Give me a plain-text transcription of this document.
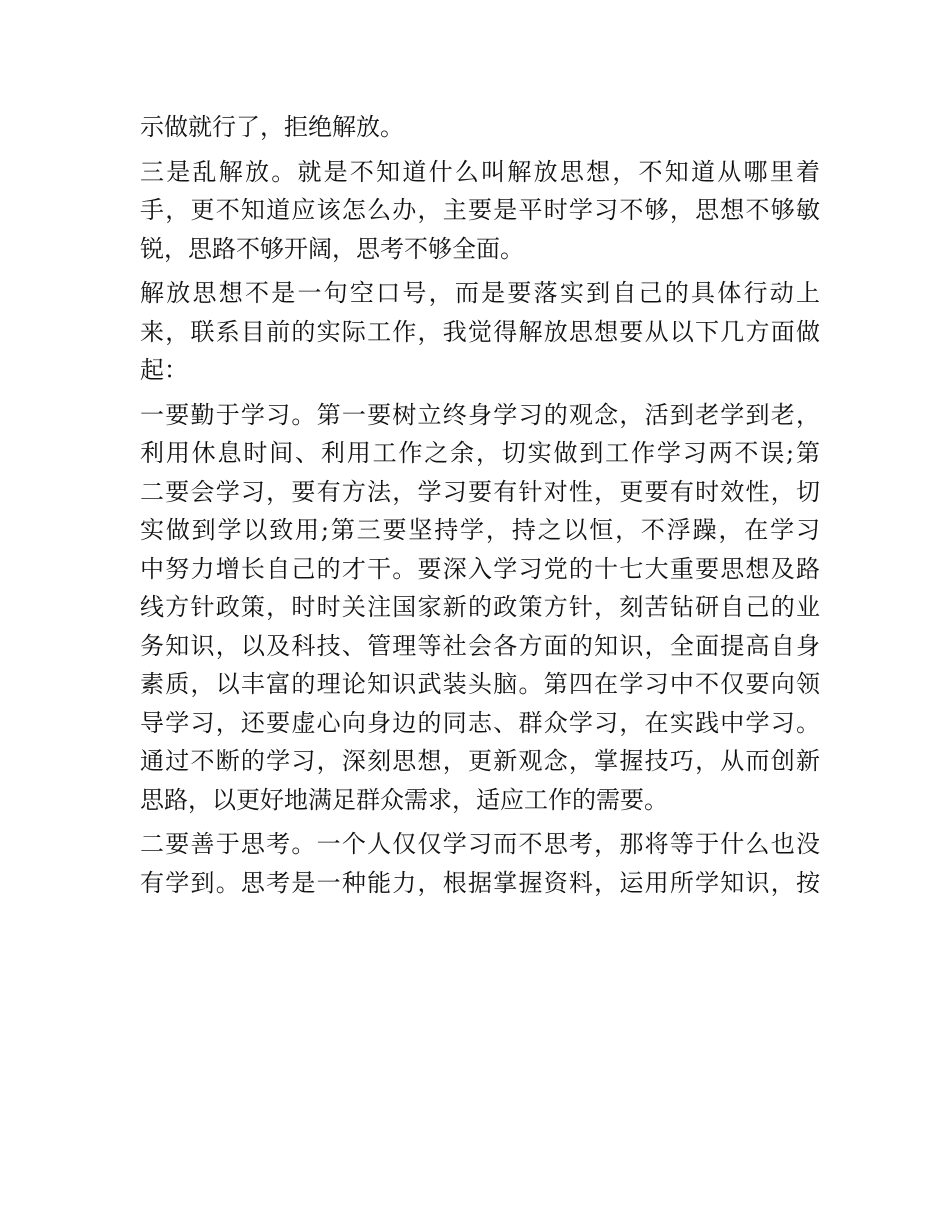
示做就行了，拒绝解放。
三是乱解放。就是不知道什么叫解放思想，不知道从哪里着
手，更不知道应该怎么办，主要是平时学习不够，思想不够敏
锐，思路不够开阔，思考不够全面。
解放思想不是一句空口号，而是要落实到自己的具体行动上
来，联系目前的实际工作，我觉得解放思想要从以下几方面做
起：
一要勤于学习。第一要树立终身学习的观念，活到老学到老，
利用休息时间、利用工作之余，切实做到工作学习两不误;第
二要会学习，要有方法，学习要有针对性，更要有时效性，切
实做到学以致用;第三要坚持学，持之以恒，不浮躁，在学习
中努力增长自己的才干。要深入学习党的十七大重要思想及路
线方针政策，时时关注国家新的政策方针，刻苦钻研自己的业
务知识，以及科技、管理等社会各方面的知识，全面提高自身
素质，以丰富的理论知识武装头脑。第四在学习中不仅要向领
导学习，还要虚心向身边的同志、群众学习，在实践中学习。
通过不断的学习，深刻思想，更新观念，掌握技巧，从而创新
思路，以更好地满足群众需求，适应工作的需要。
二要善于思考。一个人仅仅学习而不思考，那将等于什么也没
有学到。思考是一种能力，根据掌握资料，运用所学知识，按
